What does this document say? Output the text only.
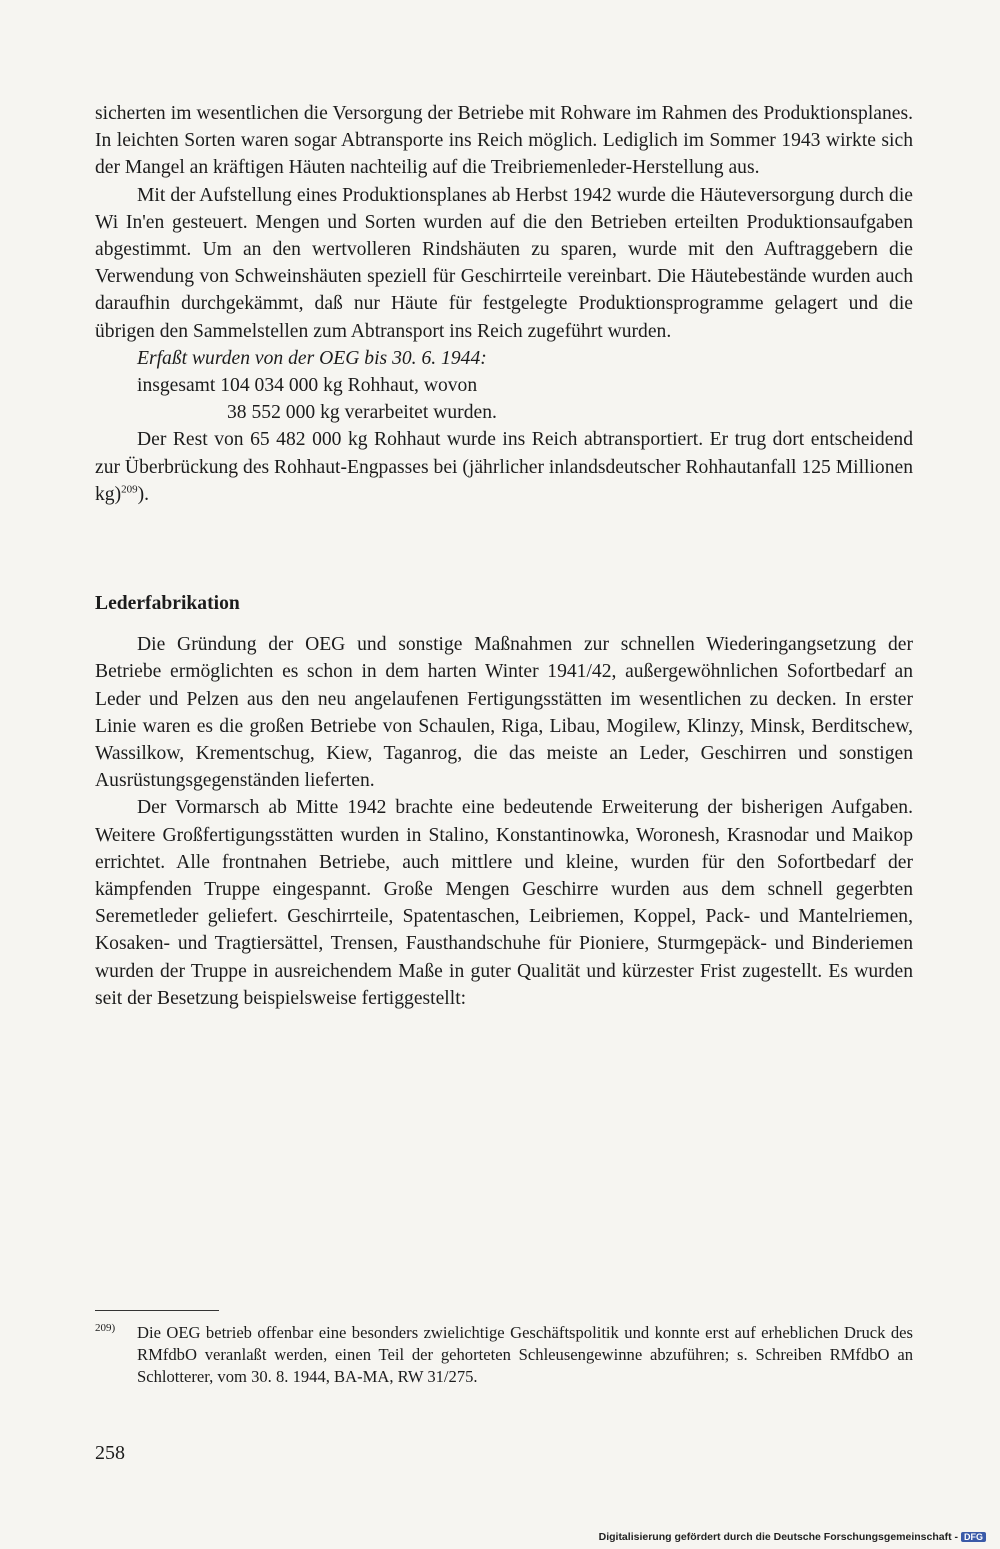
sicherten im wesentlichen die Versorgung der Betriebe mit Rohware im Rahmen des Produktionsplanes. In leichten Sorten waren sogar Abtransporte ins Reich möglich. Lediglich im Sommer 1943 wirkte sich der Mangel an kräftigen Häuten nachteilig auf die Treibriemenleder-Herstellung aus.

Mit der Aufstellung eines Produktionsplanes ab Herbst 1942 wurde die Häuteversorgung durch die Wi In'en gesteuert. Mengen und Sorten wurden auf die den Betrieben erteilten Produktionsaufgaben abgestimmt. Um an den wertvolleren Rindshäuten zu sparen, wurde mit den Auftraggebern die Verwendung von Schweinshäuten speziell für Geschirrteile vereinbart. Die Häutebestände wurden auch daraufhin durchgekämmt, daß nur Häute für festgelegte Produktionsprogramme gelagert und die übrigen den Sammelstellen zum Abtransport ins Reich zugeführt wurden.

Erfaßt wurden von der OEG bis 30. 6. 1944:

insgesamt 104 034 000 kg Rohhaut, wovon

38 552 000 kg verarbeitet wurden.

Der Rest von 65 482 000 kg Rohhaut wurde ins Reich abtransportiert. Er trug dort entscheidend zur Überbrückung des Rohhaut-Engpasses bei (jährlicher inlandsdeutscher Rohhautanfall 125 Millionen kg)$^{209}$).

Lederfabrikation

Die Gründung der OEG und sonstige Maßnahmen zur schnellen Wiederingangsetzung der Betriebe ermöglichten es schon in dem harten Winter 1941/42, außergewöhnlichen Sofortbedarf an Leder und Pelzen aus den neu angelaufenen Fertigungsstätten im wesentlichen zu decken. In erster Linie waren es die großen Betriebe von Schaulen, Riga, Libau, Mogilew, Klinzy, Minsk, Berditschew, Wassilkow, Krementschug, Kiew, Taganrog, die das meiste an Leder, Geschirren und sonstigen Ausrüstungsgegenständen lieferten.

Der Vormarsch ab Mitte 1942 brachte eine bedeutende Erweiterung der bisherigen Aufgaben. Weitere Großfertigungsstätten wurden in Stalino, Konstantinowka, Woronesh, Krasnodar und Maikop errichtet. Alle frontnahen Betriebe, auch mittlere und kleine, wurden für den Sofortbedarf der kämpfenden Truppe eingespannt. Große Mengen Geschirre wurden aus dem schnell gegerbten Seremetleder geliefert. Geschirrteile, Spatentaschen, Leibriemen, Koppel, Pack- und Mantelriemen, Kosaken- und Tragtiersättel, Trensen, Fausthandschuhe für Pioniere, Sturmgepäck- und Binderiemen wurden der Truppe in ausreichendem Maße in guter Qualität und kürzester Frist zugestellt. Es wurden seit der Besetzung beispielsweise fertiggestellt:

209) Die OEG betrieb offenbar eine besonders zwielichtige Geschäftspolitik und konnte erst auf erheblichen Druck des RMfdbO veranlaßt werden, einen Teil der gehorteten Schleusengewinne abzuführen; s. Schreiben RMfdbO an Schlotterer, vom 30. 8. 1944, BA-MA, RW 31/275.
258
Digitalisierung gefördert durch die Deutsche Forschungsgemeinschaft - DFG
